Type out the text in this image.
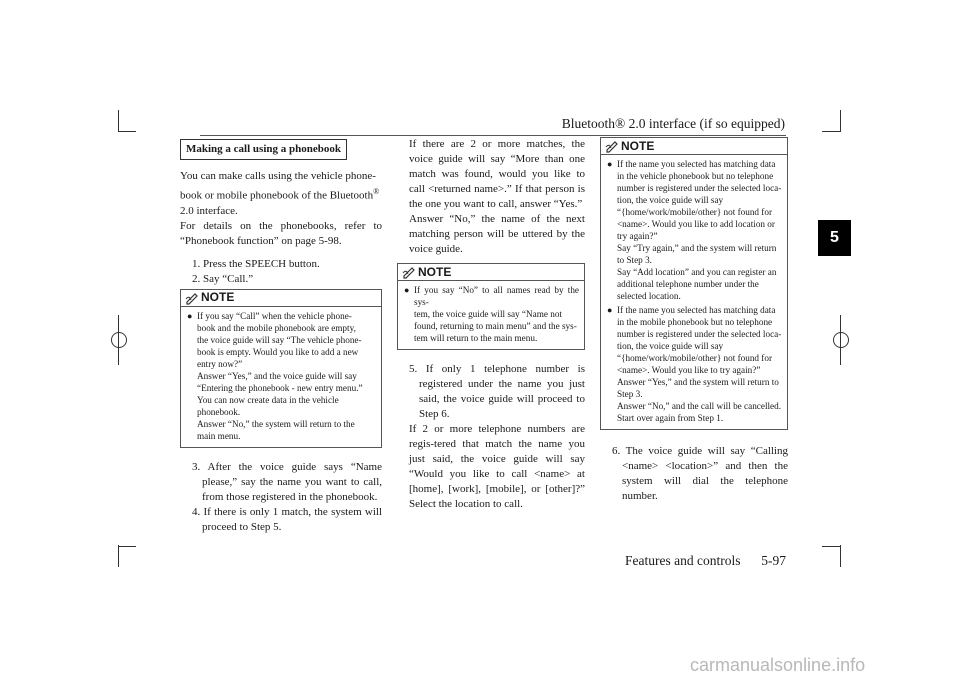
Bluetooth® 2.0 interface (if so equipped)
5
Making a call using a phonebook

You can make calls using the vehicle phone-

book or mobile phonebook of the Bluetooth®

2.0 interface.

For details on the phonebooks, refer to “Phonebook function” on page 5-98.

1. Press the SPEECH button.

2. Say “Call.”

NOTE
● If you say “Call” when the vehicle phone-
book and the mobile phonebook are empty,
the voice guide will say “The vehicle phone-
book is empty. Would you like to add a new
entry now?”
Answer “Yes,” and the voice guide will say
“Entering the phonebook - new entry menu.”
You can now create data in the vehicle
phonebook.
Answer “No,” the system will return to the
main menu.

3. After the voice guide says “Name please,” say the name you want to call, from those registered in the phonebook.

4. If there is only 1 match, the system will proceed to Step 5.

If there are 2 or more matches, the voice guide will say “More than one match was found, would you like to call <returned name>.” If that person is the one you want to call, answer “Yes.”

Answer “No,” the name of the next matching person will be uttered by the voice guide.

NOTE
● If you say “No” to all names read by the sys-
tem, the voice guide will say “Name not
found, returning to main menu” and the sys-
tem will return to the main menu.

5. If only 1 telephone number is registered under the name you just said, the voice guide will proceed to Step 6.

If 2 or more telephone numbers are regis-tered that match the name you just said, the voice guide will say “Would you like to call <name> at [home], [work], [mobile], or [other]?” Select the location to call.

NOTE
● If the name you selected has matching data
in the vehicle phonebook but no telephone
number is registered under the selected loca-
tion, the voice guide will say
“{home/work/mobile/other} not found for
<name>. Would you like to add location or
try again?”
Say “Try again,” and the system will return
to Step 3.
Say “Add location” and you can register an
additional telephone number under the
selected location.
● If the name you selected has matching data
in the mobile phonebook but no telephone
number is registered under the selected loca-
tion, the voice guide will say
“{home/work/mobile/other} not found for
<name>. Would you like to try again?”
Answer “Yes,” and the system will return to
Step 3.
Answer “No,” and the call will be cancelled.
Start over again from Step 1.

6. The voice guide will say “Calling <name> <location>” and then the system will dial the telephone number.

Features and controls 5-97
carmanualsonline.info
